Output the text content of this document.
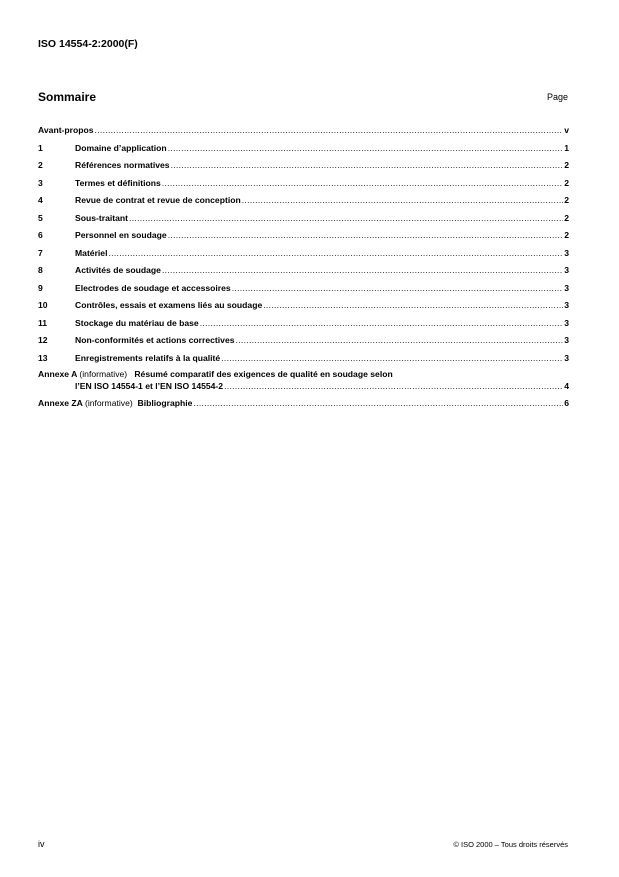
ISO 14554-2:2000(F)
Sommaire	Page
Avant-propos .....	v
1	Domaine d’application .....	1
2	Références normatives .....	2
3	Termes et définitions .....	2
4	Revue de contrat et revue de conception .....	2
5	Sous-traitant .....	2
6	Personnel en soudage .....	2
7	Matériel .....	3
8	Activités de soudage .....	3
9	Electrodes de soudage et accessoires .....	3
10	Contrôles, essais et examens liés au soudage .....	3
11	Stockage du matériau de base .....	3
12	Non-conformités et actions correctives .....	3
13	Enregistrements relatifs à la qualité .....	3
Annexe A (informative) Résumé comparatif des exigences de qualité en soudage selon
l’EN ISO 14554-1 et l’EN ISO 14554-2 .....	4
Annexe ZA (informative) Bibliographie .....	6
iv	© ISO 2000 – Tous droits réservés
